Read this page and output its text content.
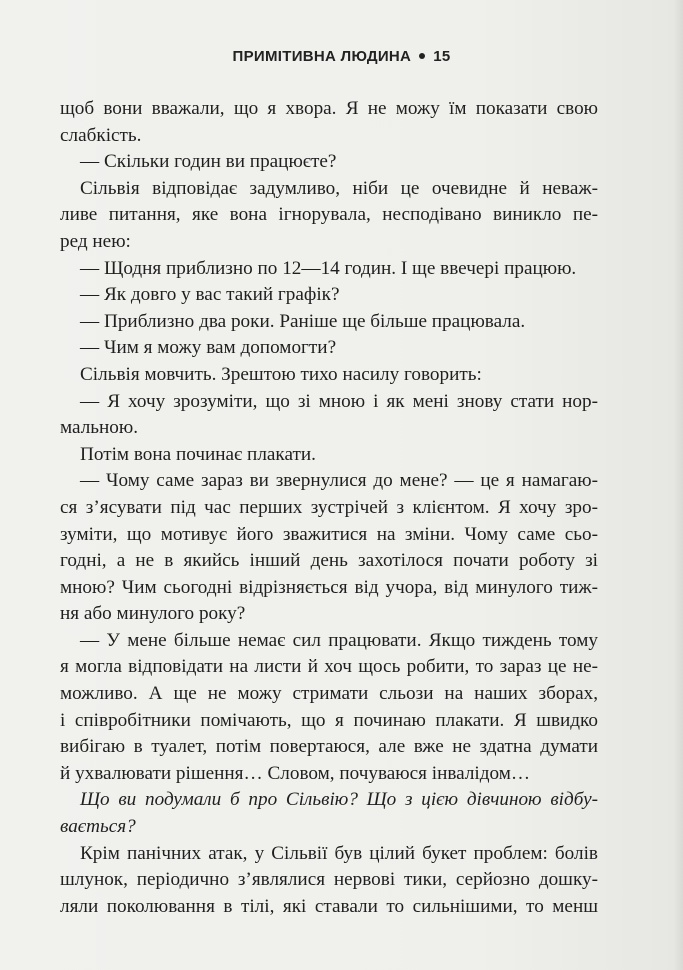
ПРИМІТИВНА ЛЮДИНА 15
щоб вони вважали, що я хвора. Я не можу їм показати свою
слабкість.
— Скільки годин ви працюєте?
Сільвія відповідає задумливо, ніби це очевидне й неваж-
ливе питання, яке вона ігнорувала, несподівано виникло пе-
ред нею:
— Щодня приблизно по 12—14 годин. І ще ввечері працюю.
— Як довго у вас такий графік?
— Приблизно два роки. Раніше ще більше працювала.
— Чим я можу вам допомогти?
Сільвія мовчить. Зрештою тихо насилу говорить:
— Я хочу зрозуміти, що зі мною і як мені знову стати нор-
мальною.
Потім вона починає плакати.
— Чому саме зараз ви звернулися до мене? — це я намагаю-
ся з’ясувати під час перших зустрічей з клієнтом. Я хочу зро-
зуміти, що мотивує його зважитися на зміни. Чому саме сьо-
годні, а не в якийсь інший день захотілося почати роботу зі
мною? Чим сьогодні відрізняється від учора, від минулого тиж-
ня або минулого року?
— У мене більше немає сил працювати. Якщо тиждень тому
я могла відповідати на листи й хоч щось робити, то зараз це не-
можливо. А ще не можу стримати сльози на наших зборах,
і співробітники помічають, що я починаю плакати. Я швидко
вибігаю в туалет, потім повертаюся, але вже не здатна думати
й ухвалювати рішення… Словом, почуваюся інвалідом…
Що ви подумали б про Сільвію? Що з цією дівчиною відбу-
вається?
Крім панічних атак, у Сільвії був цілий букет проблем: болів
шлунок, періодично з’являлися нервові тики, серйозно дошку-
ляли поколювання в тілі, які ставали то сильнішими, то менш
